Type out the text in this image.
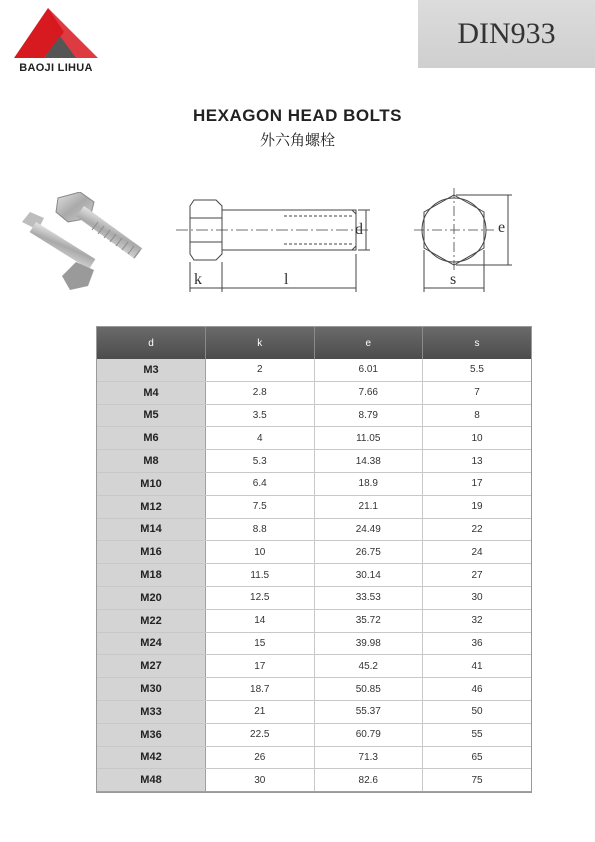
BAOJI LIHUA
DIN933
HEXAGON HEAD BOLTS
外六角螺栓
k	l
d	e
s
d	k	e	s
M3	2	6.01	5.5
M4	2.8	7.66	7
M5	3.5	8.79	8
M6	4	11.05	10
M8	5.3	14.38	13
M10	6.4	18.9	17
M12	7.5	21.1	19
M14	8.8	24.49	22
M16	10	26.75	24
M18	11.5	30.14	27
M20	12.5	33.53	30
M22	14	35.72	32
M24	15	39.98	36
M27	17	45.2	41
M30	18.7	50.85	46
M33	21	55.37	50
M36	22.5	60.79	55
M42	26	71.3	65
M48	30	82.6	75
